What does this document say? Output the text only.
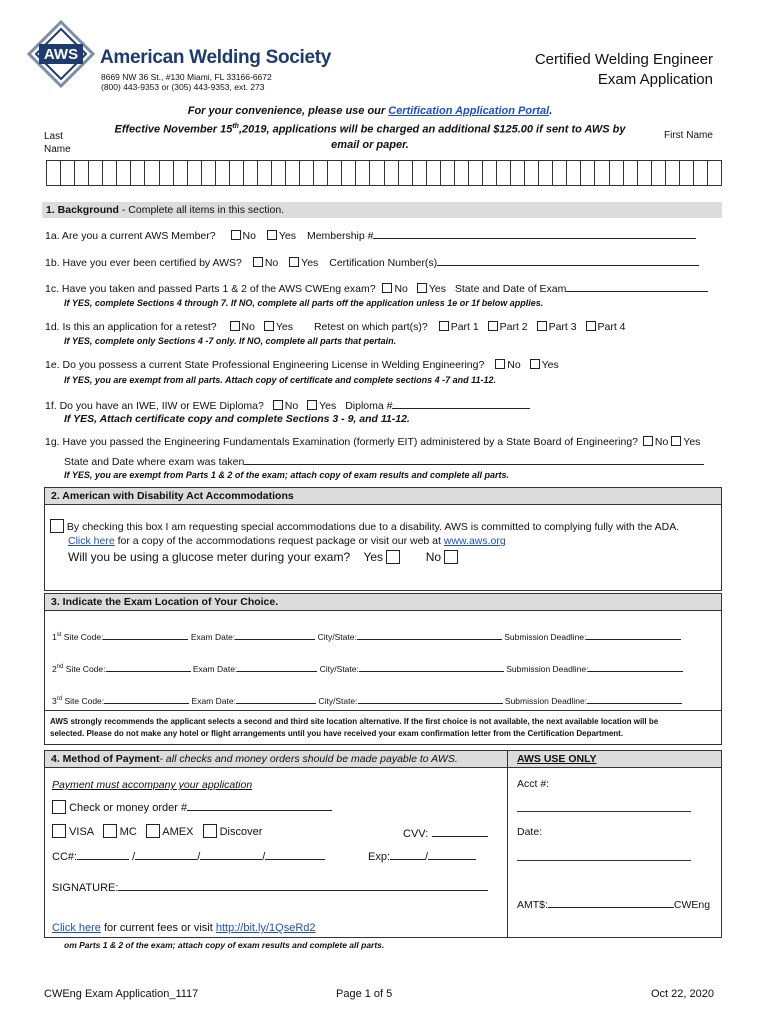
AWS American Welding Society
8669 NW 36 St., #130 Miami, FL 33166-6672
(800) 443-9353 or (305) 443-9353, ext. 273
Certified Welding Engineer
Exam Application
For your convenience, please use our Certification Application Portal.
Effective November 15th,2019, applications will be charged an additional $125.00 if sent to AWS by
email or paper.
Last
Name
First Name
1. Background - Complete all items in this section.
1a. Are you a current AWS Member?	No Yes Membership #
1b. Have you ever been certified by AWS? No Yes Certification Number(s)
1c. Have you taken and passed Parts 1 & 2 of the AWS CWEng exam? No Yes State and Date of Exam
If YES, complete Sections 4 through 7. If NO, complete all parts off the application unless 1e or 1f below applies.
1d. Is this an application for a retest? No Yes Retest on which part(s)? Part 1 Part 2 Part 3 Part 4
If YES, complete only Sections 4 -7 only. If NO, complete all parts that pertain.
1e. Do you possess a current State Professional Engineering License in Welding Engineering? No Yes
If YES, you are exempt from all parts. Attach copy of certificate and complete sections 4 -7 and 11-12.
1f. Do you have an IWE, IIW or EWE Diploma? No Yes Diploma #
If YES, Attach certificate copy and complete Sections 3 - 9, and 11-12.
1g. Have you passed the Engineering Fundamentals Examination (formerly EIT) administered by a State Board of Engineering? No Yes
State and Date where exam was taken
If YES, you are exempt from Parts 1 & 2 of the exam; attach copy of exam results and complete all parts.
2. American with Disability Act Accommodations
By checking this box I am requesting special accommodations due to a disability. AWS is committed to complying fully with the ADA.
Click here for a copy of the accommodations request package or visit our web at www.aws.org
Will you be using a glucose meter during your exam? Yes	No
3. Indicate the Exam Location of Your Choice.
1st Site Code:	Exam Date:	City/State:	Submission Deadline:
2nd Site Code:	Exam Date:	City/State:	Submission Deadline:
3rd Site Code:	Exam Date:	City/State:	Submission Deadline:
AWS strongly recommends the applicant selects a second and third site location alternative. If the first choice is not available, the next available location will be
selected. Please do not make any hotel or flight arrangements until you have received your exam confirmation letter from the Certification Department.
4. Method of Payment- all checks and money orders should be made payable to AWS.	AWS USE ONLY
Payment must accompany your application
Check or money order #
VISA MC AMEX Discover	CVV:
CC#:	/	/	/	Exp:	/
SIGNATURE:
Click here for current fees or visit http://bit.ly/1QseRd2
Acct #:
Date:
AMT$:	CWEng
om Parts 1 & 2 of the exam; attach copy of exam results and complete all parts.
CWEng Exam Application_1117	Page 1 of 5	Oct 22, 2020
